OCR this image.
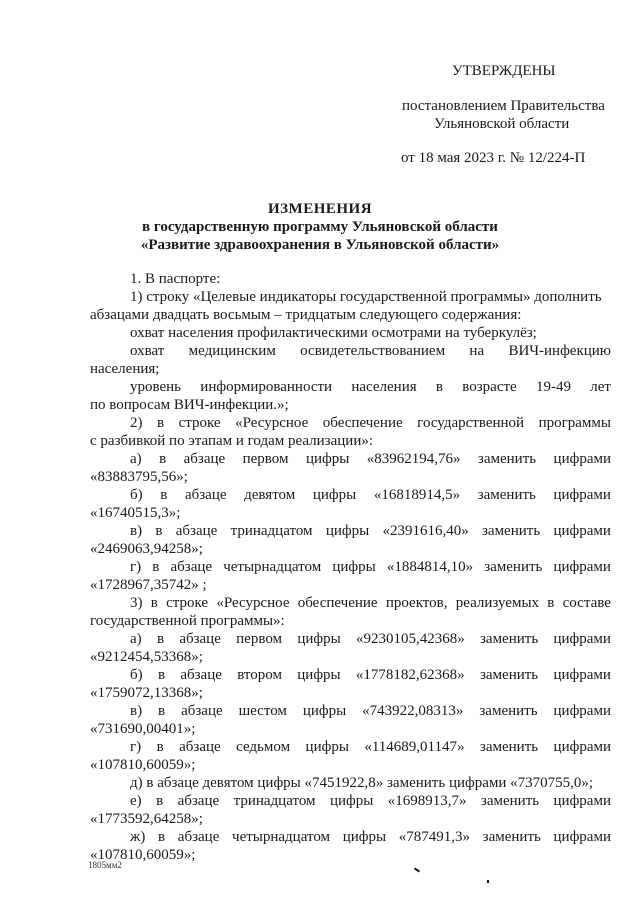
УТВЕРЖДЕНЫ
постановлением Правительства
Ульяновской области
от 18 мая 2023 г. № 12/224-П
ИЗМЕНЕНИЯ
в государственную программу Ульяновской области
«Развитие здравоохранения в Ульяновской области»
1. В паспорте:
1) строку «Целевые индикаторы государственной программы» дополнить
абзацами двадцать восьмым – тридцатым следующего содержания:
охват населения профилактическими осмотрами на туберкулёз;
охват медицинским освидетельствованием на ВИЧ-инфекцию
населения;
уровень информированности населения в возрасте 19-49 лет
по вопросам ВИЧ-инфекции.»;
2) в строке «Ресурсное обеспечение государственной программы
с разбивкой по этапам и годам реализации»:
а) в абзаце первом цифры «83962194,76» заменить цифрами
«83883795,56»;
б) в абзаце девятом цифры «16818914,5» заменить цифрами
«16740515,3»;
в) в абзаце тринадцатом цифры «2391616,40» заменить цифрами
«2469063,94258»;
г) в абзаце четырнадцатом цифры «1884814,10» заменить цифрами
«1728967,35742» ;
3) в строке «Ресурсное обеспечение проектов, реализуемых в составе
государственной программы»:
а) в абзаце первом цифры «9230105,42368» заменить цифрами
«9212454,53368»;
б) в абзаце втором цифры «1778182,62368» заменить цифрами
«1759072,13368»;
в) в абзаце шестом цифры «743922,08313» заменить цифрами
«731690,00401»;
г) в абзаце седьмом цифры «114689,01147» заменить цифрами
«107810,60059»;
д) в абзаце девятом цифры «7451922,8» заменить цифрами «7370755,0»;
е) в абзаце тринадцатом цифры «1698913,7» заменить цифрами
«1773592,64258»;
ж) в абзаце четырнадцатом цифры «787491,3» заменить цифрами
«107810,60059»;
1805мм2
